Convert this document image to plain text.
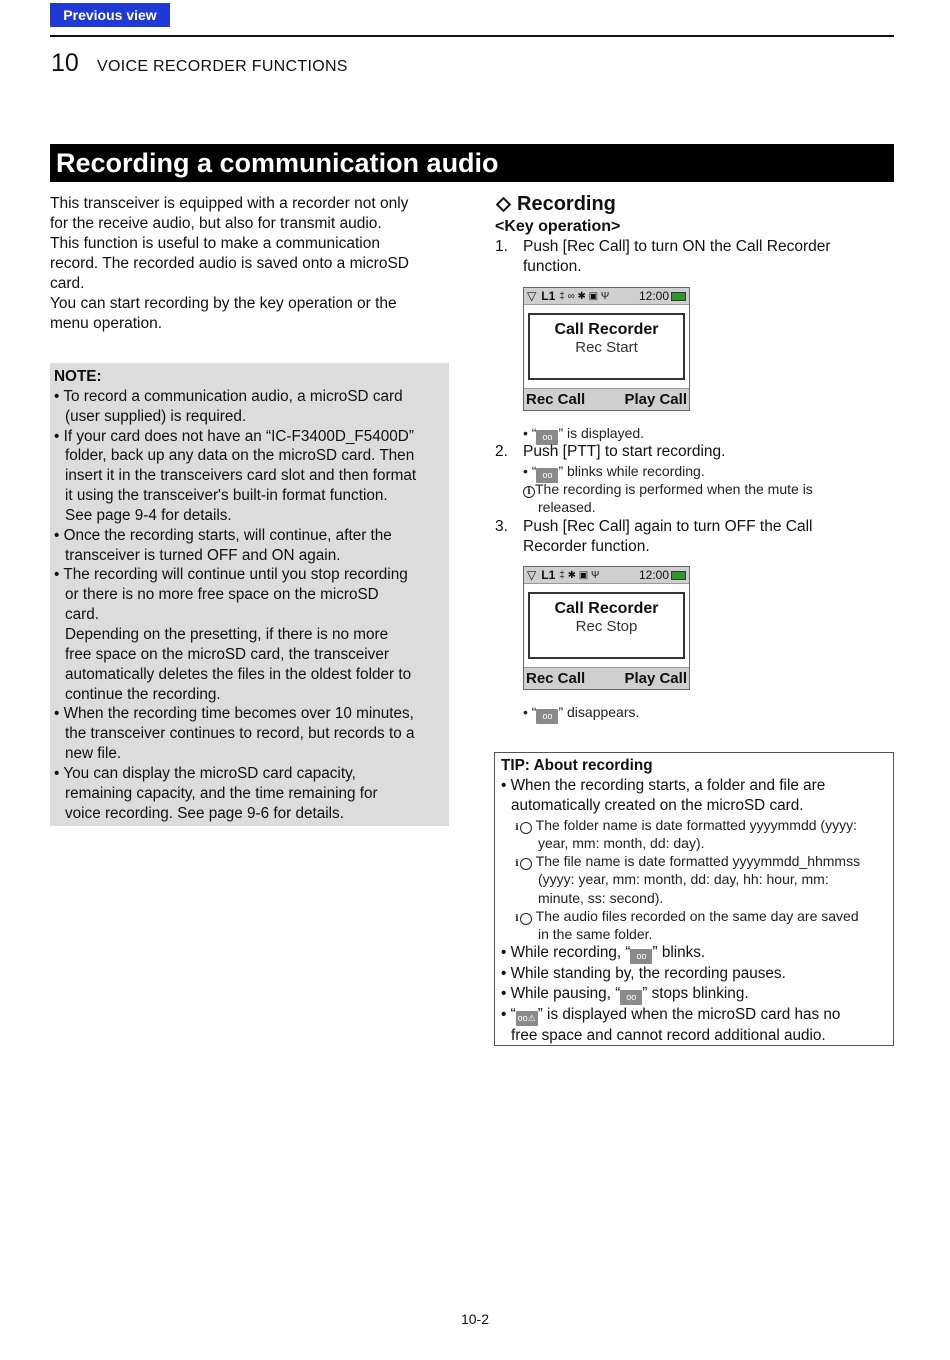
Previous view
10 VOICE RECORDER FUNCTIONS
Recording a communication audio
This transceiver is equipped with a recorder not only
for the receive audio, but also for transmit audio.
This function is useful to make a communication
record. The recorded audio is saved onto a microSD
card.
You can start recording by the key operation or the
menu operation.
NOTE:
• To record a communication audio, a microSD card
(user supplied) is required.
• If your card does not have an “IC-F3400D_F5400D”
folder, back up any data on the microSD card. Then
insert it in the transceivers card slot and then format
it using the transceiver's built-in format function.
See page 9-4 for details.
• Once the recording starts, will continue, after the
transceiver is turned OFF and ON again.
• The recording will continue until you stop recording
or there is no more free space on the microSD
card.
Depending on the presetting, if there is no more
free space on the microSD card, the transceiver
automatically deletes the files in the oldest folder to
continue the recording.
• When the recording time becomes over 10 minutes,
the transceiver continues to record, but records to a
new file.
• You can display the microSD card capacity,
remaining capacity, and the time remaining for
voice recording. See page 9-6 for details.
Recording
<Key operation>
1. Push [Rec Call] to turn ON the Call Recorder
function.
▽ L1 ‡ ∞ ✱ ▣ Ψ 12:00
Call Recorder
Rec Start
Rec Call	Play Call
• “ oo ” is displayed.
2. Push [PTT] to start recording.
• “ oo ” blinks while recording.
i The recording is performed when the mute is
released.
3. Push [Rec Call] again to turn OFF the Call
Recorder function.
▽ L1 ‡ ✱ ▣ Ψ	12:00
Call Recorder
Rec Stop
Rec Call	Play Call
• “ oo ” disappears.
TIP: About recording
• When the recording starts, a folder and file are
automatically created on the microSD card.
i The folder name is date formatted yyyymmdd (yyyy:
year, mm: month, dd: day).
i The file name is date formatted yyyymmdd_hhmmss
(yyyy: year, mm: month, dd: day, hh: hour, mm:
minute, ss: second).
i The audio files recorded on the same day are saved
in the same folder.
• While recording, “ oo ” blinks.
• While standing by, the recording pauses.
• While pausing, “ oo ” stops blinking.
• “ oo⚠ ” is displayed when the microSD card has no
free space and cannot record additional audio.
10-2
